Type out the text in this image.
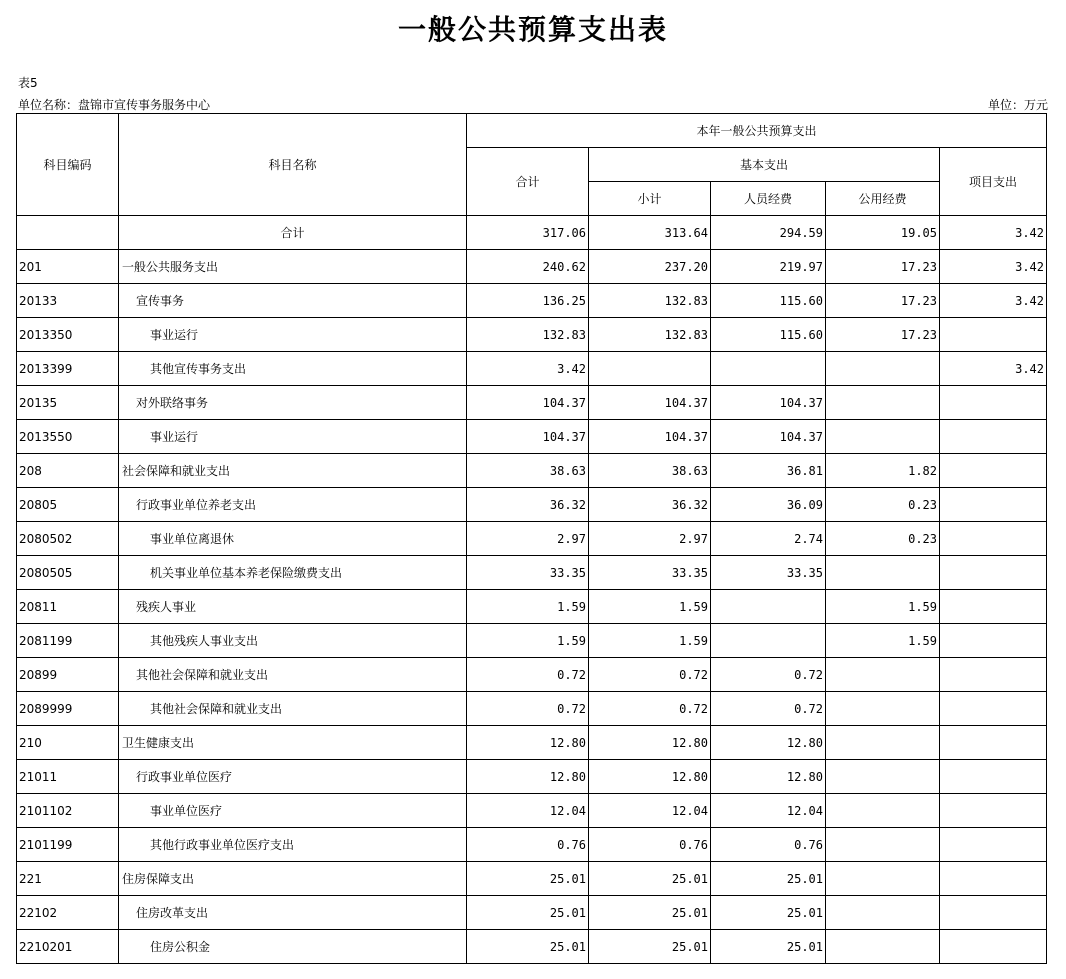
一般公共预算支出表
表5
单位名称：盘锦市宣传事务服务中心	单位：万元
科目编码	科目名称	本年一般公共预算支出				
		合计	基本支出			项目支出
			小计	人员经费	公用经费	
	合计	317.06	313.64	294.59	19.05	3.42
201	一般公共服务支出	240.62	237.20	219.97	17.23	3.42
20133	宣传事务	136.25	132.83	115.60	17.23	3.42
2013350	事业运行	132.83	132.83	115.60	17.23	
2013399	其他宣传事务支出	3.42				3.42
20135	对外联络事务	104.37	104.37	104.37		
2013550	事业运行	104.37	104.37	104.37		
208	社会保障和就业支出	38.63	38.63	36.81	1.82	
20805	行政事业单位养老支出	36.32	36.32	36.09	0.23	
2080502	事业单位离退休	2.97	2.97	2.74	0.23	
2080505	机关事业单位基本养老保险缴费支出	33.35	33.35	33.35		
20811	残疾人事业	1.59	1.59		1.59	
2081199	其他残疾人事业支出	1.59	1.59		1.59	
20899	其他社会保障和就业支出	0.72	0.72	0.72		
2089999	其他社会保障和就业支出	0.72	0.72	0.72		
210	卫生健康支出	12.80	12.80	12.80		
21011	行政事业单位医疗	12.80	12.80	12.80		
2101102	事业单位医疗	12.04	12.04	12.04		
2101199	其他行政事业单位医疗支出	0.76	0.76	0.76		
221	住房保障支出	25.01	25.01	25.01		
22102	住房改革支出	25.01	25.01	25.01		
2210201	住房公积金	25.01	25.01	25.01		
